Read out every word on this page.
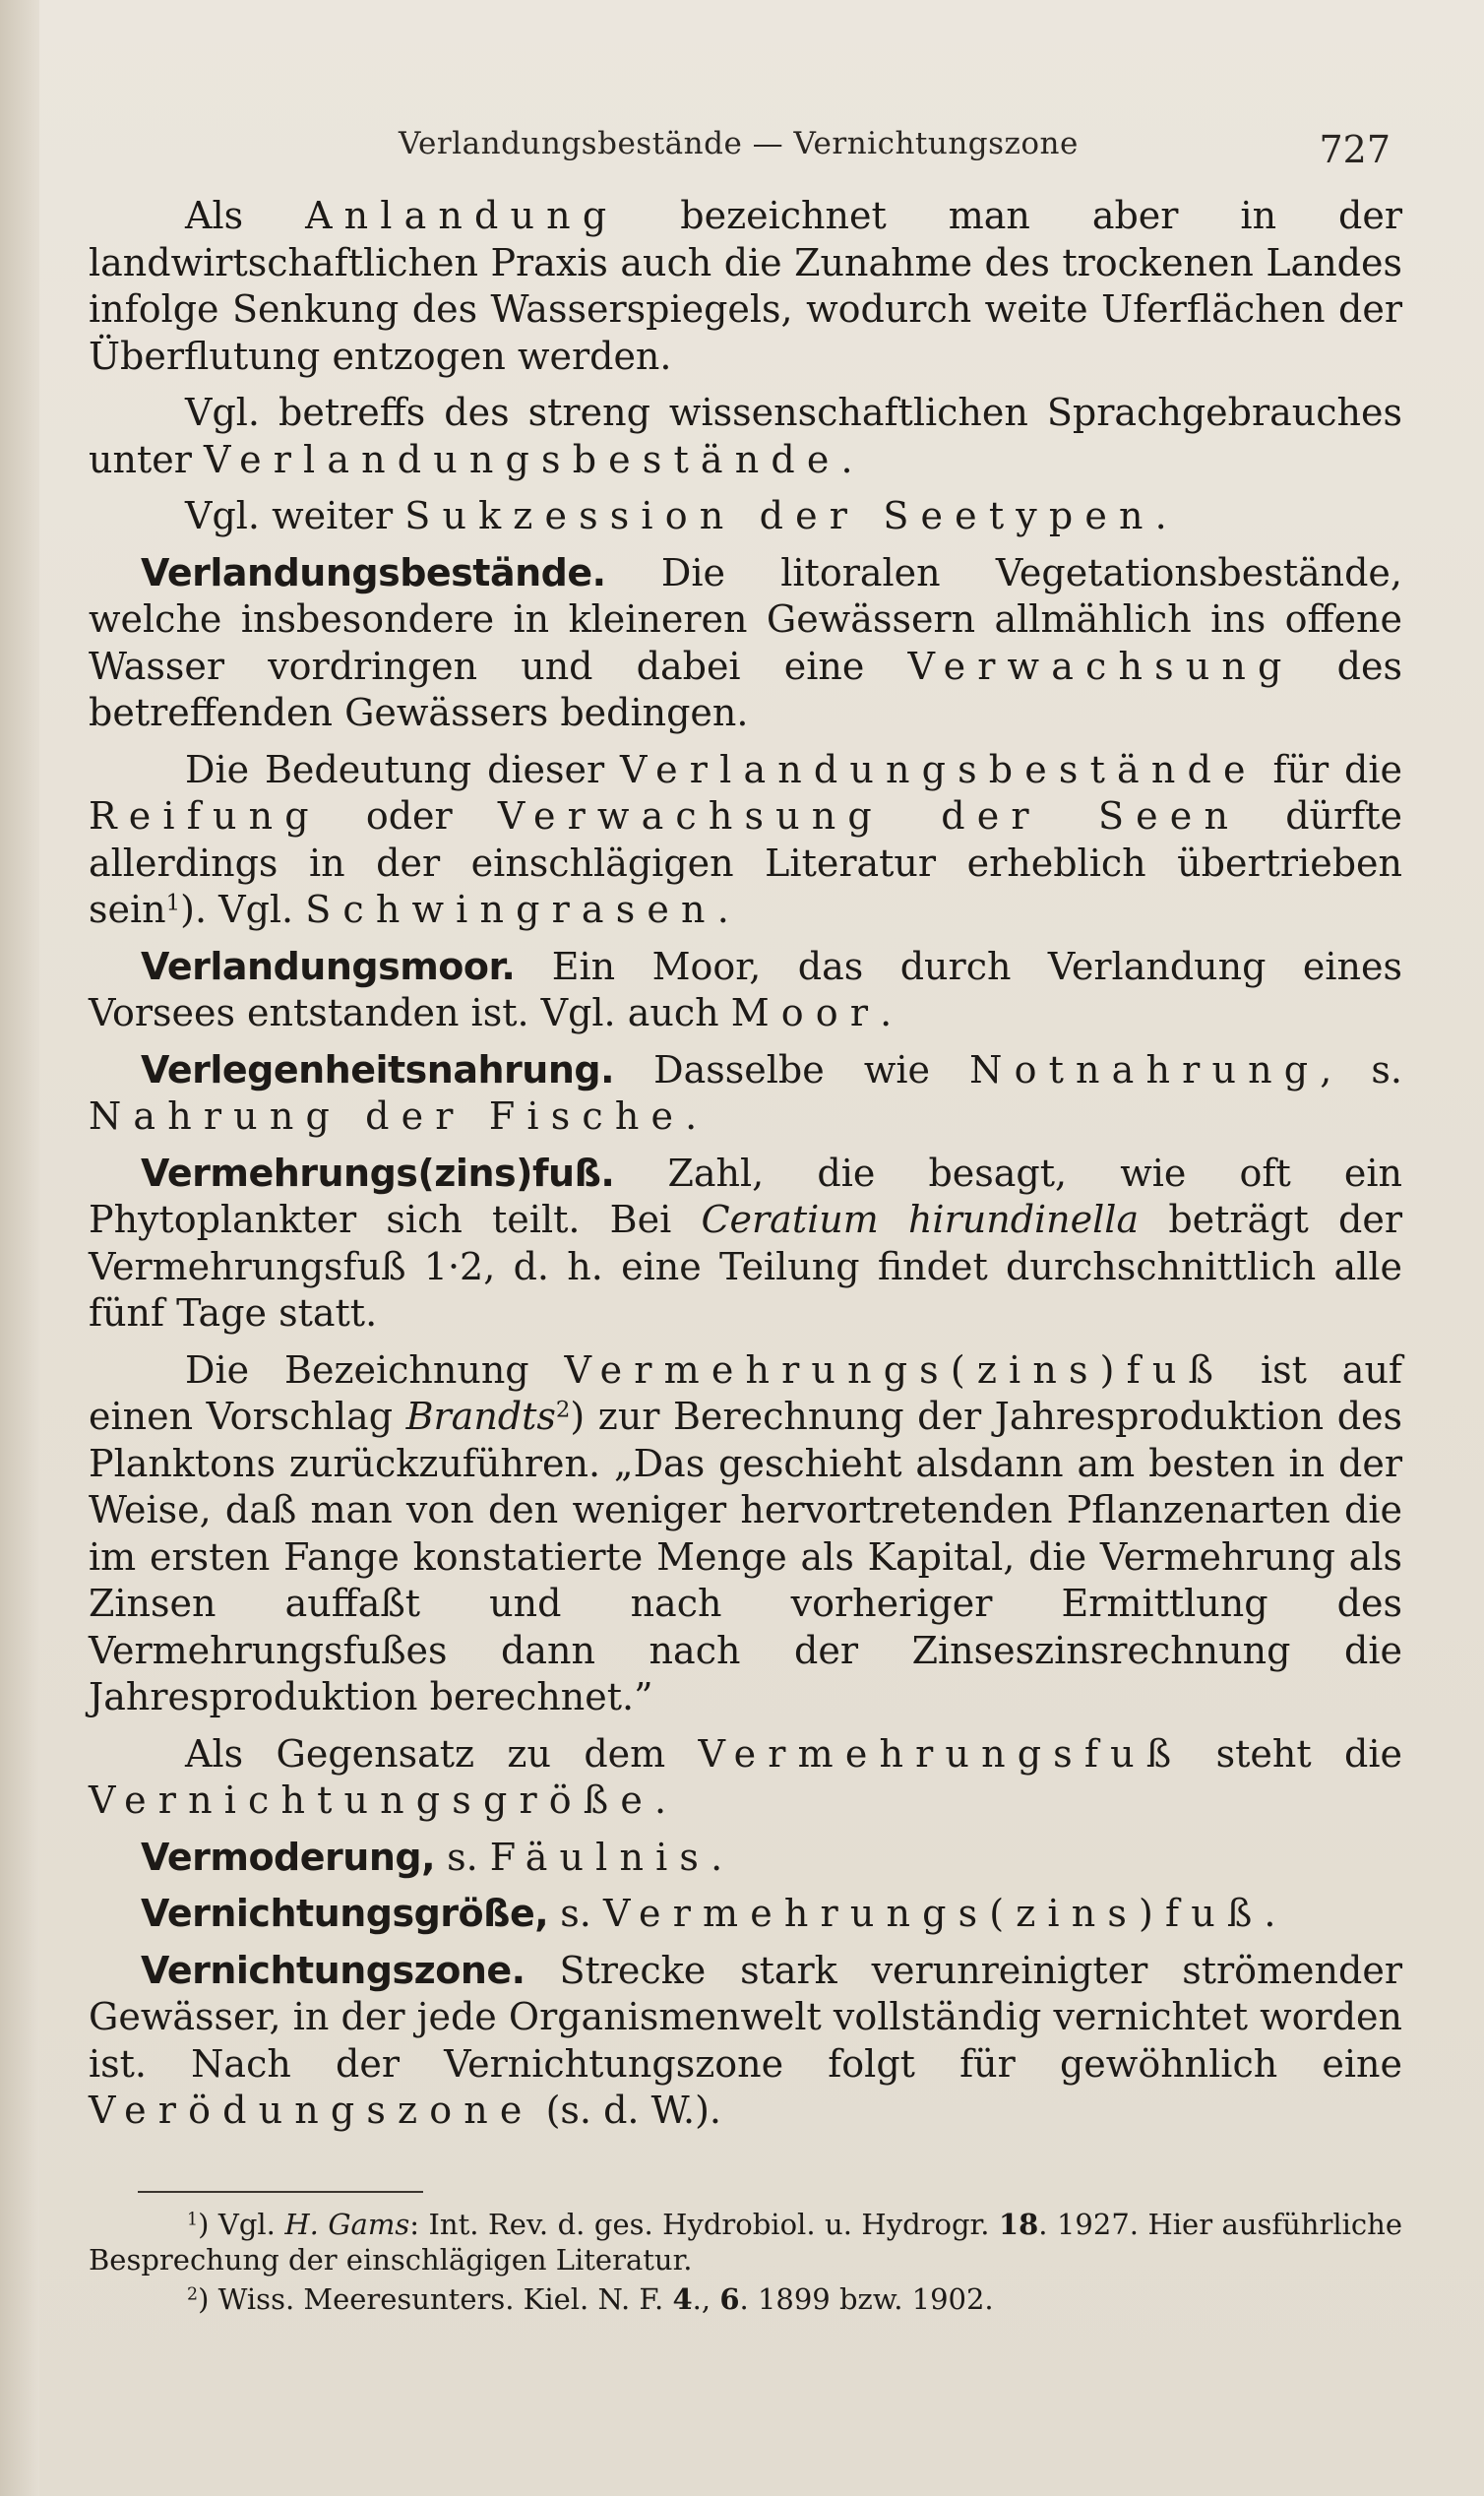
Verlandungsbestände — Vernichtungszone	727

Als Anlandung bezeichnet man aber in der landwirtschaftlichen Praxis auch die Zunahme des trockenen Landes infolge Senkung des Wasserspiegels, wodurch weite Uferflächen der Überflutung entzogen werden.

Vgl. betreffs des streng wissenschaftlichen Sprachgebrauches unter Verlandungsbestände.

Vgl. weiter Sukzession der Seetypen.

Verlandungsbestände. Die litoralen Vegetationsbestände, welche insbesondere in kleineren Gewässern allmählich ins offene Wasser vordringen und dabei eine Verwachsung des betreffenden Gewässers bedingen.

Die Bedeutung dieser Verlandungsbestände für die Reifung oder Verwachsung der Seen dürfte allerdings in der einschlägigen Literatur erheblich übertrieben sein$^1$). Vgl. Schwingrasen.

Verlandungsmoor. Ein Moor, das durch Verlandung eines Vorsees entstanden ist. Vgl. auch Moor.

Verlegenheitsnahrung. Dasselbe wie Notnahrung, s. Nahrung der Fische.

Vermehrungs(zins)fuß. Zahl, die besagt, wie oft ein Phytoplankter sich teilt. Bei Ceratium hirundinella beträgt der Vermehrungsfuß 1·2, d. h. eine Teilung findet durchschnittlich alle fünf Tage statt.

Die Bezeichnung Vermehrungs(zins)fuß ist auf einen Vorschlag Brandts$^2$) zur Berechnung der Jahresproduktion des Planktons zurückzuführen. „Das geschieht alsdann am besten in der Weise, daß man von den weniger hervortretenden Pflanzenarten die im ersten Fange konstatierte Menge als Kapital, die Vermehrung als Zinsen auffaßt und nach vorheriger Ermittlung des Vermehrungsfußes dann nach der Zinseszinsrechnung die Jahresproduktion berechnet.”

Als Gegensatz zu dem Vermehrungsfuß steht die Vernichtungsgröße.

Vermoderung, s. Fäulnis.

Vernichtungsgröße, s. Vermehrungs(zins)fuß.

Vernichtungszone. Strecke stark verunreinigter strömender Gewässer, in der jede Organismenwelt vollständig vernichtet worden ist. Nach der Vernichtungszone folgt für gewöhnlich eine Verödungszone (s. d. W.).

$^1$) Vgl. H. Gams: Int. Rev. d. ges. Hydrobiol. u. Hydrogr. 18. 1927. Hier ausführliche Besprechung der einschlägigen Literatur.

$^2$) Wiss. Meeresunters. Kiel. N. F. 4., 6. 1899 bzw. 1902.
